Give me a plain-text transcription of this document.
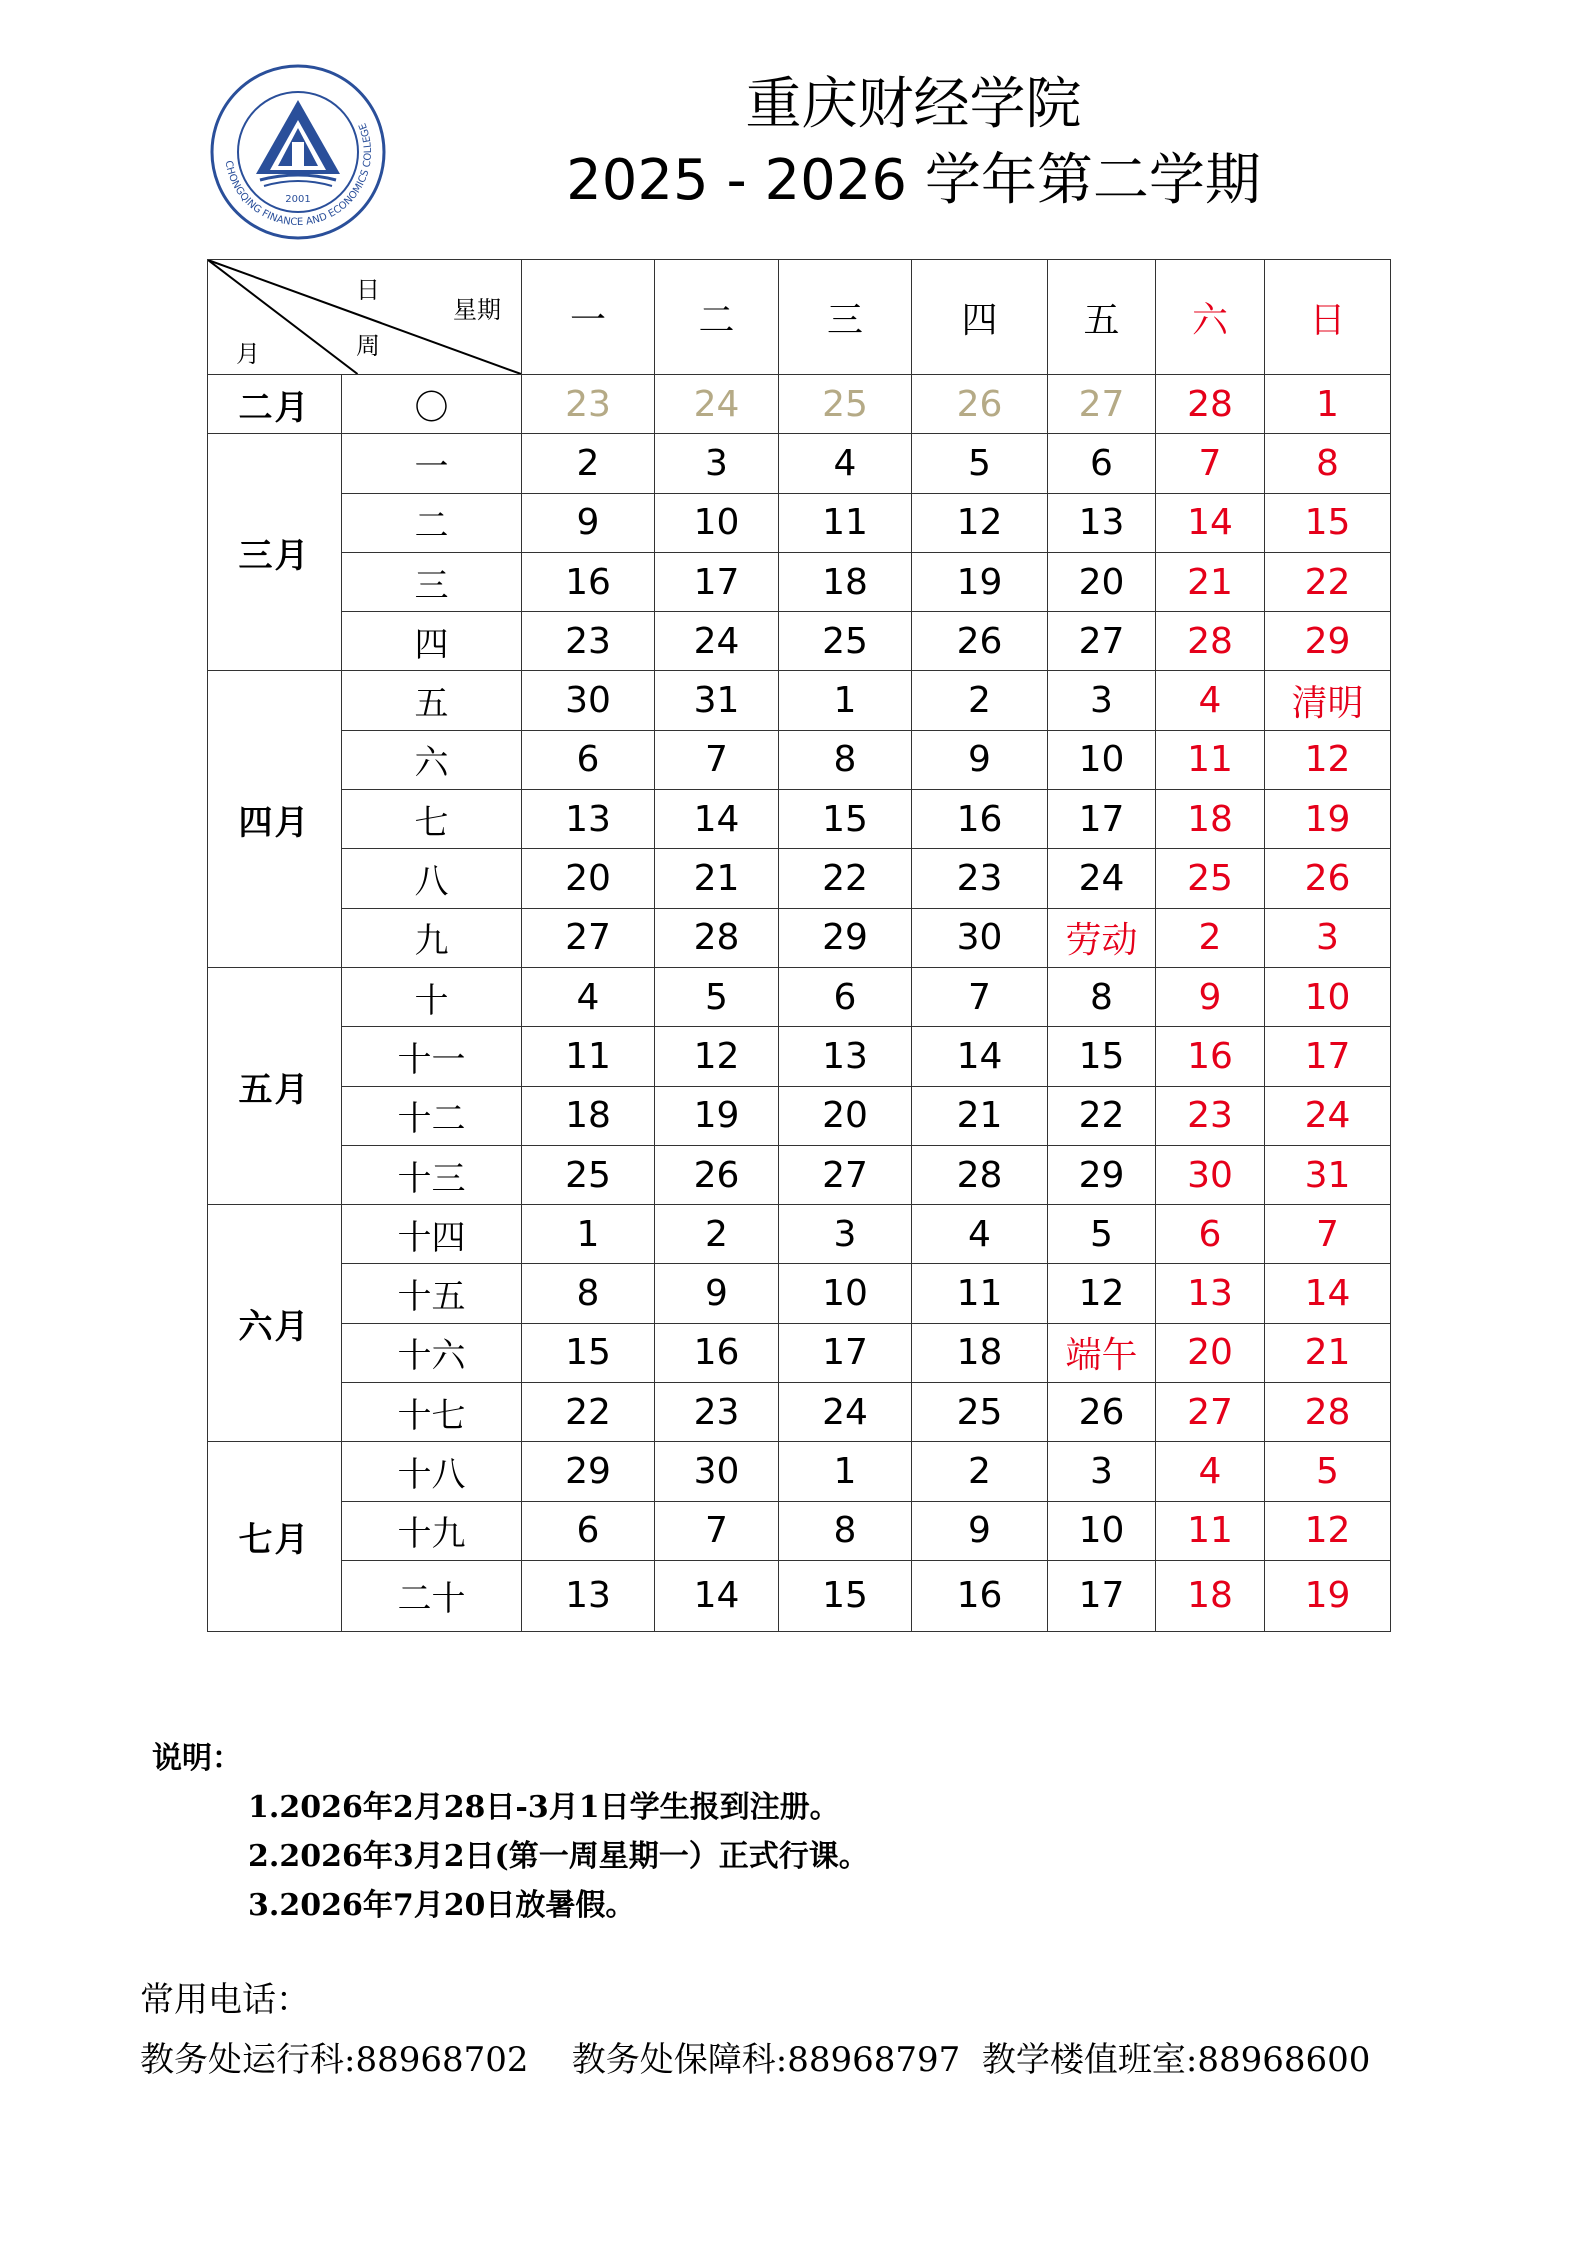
CHONGQING FINANCE AND ECONOMICS COLLEGE
2001
重庆财经学院
2025 - 2026 学年第二学期
日
星期
月 周		一	二	三	四	五	六	日
二月	〇	23	24	25	26	27	28	1
三月	一	2	3	4	5	6	7	8
	二	9	10	11	12	13	14	15
	三	16	17	18	19	20	21	22
	四	23	24	25	26	27	28	29
四月	五	30	31	1	2	3	4	清明
	六	6	7	8	9	10	11	12
	七	13	14	15	16	17	18	19
	八	20	21	22	23	24	25	26
	九	27	28	29	30	劳动	2	3
五月	十	4	5	6	7	8	9	10
	十一	11	12	13	14	15	16	17
	十二	18	19	20	21	22	23	24
	十三	25	26	27	28	29	30	31
六月	十四	1	2	3	4	5	6	7
	十五	8	9	10	11	12	13	14
	十六	15	16	17	18	端午	20	21
	十七	22	23	24	25	26	27	28
七月	十八	29	30	1	2	3	4	5
	十九	6	7	8	9	10	11	12
	二十	13	14	15	16	17	18	19
说明：
1.2026年2月28日-3月1日学生报到注册。
2.2026年3月2日(第一周星期一）正式行课。
3.2026年7月20日放暑假。
常用电话：
教务处运行科:88968702    教务处保障科:88968797  教学楼值班室:88968600
